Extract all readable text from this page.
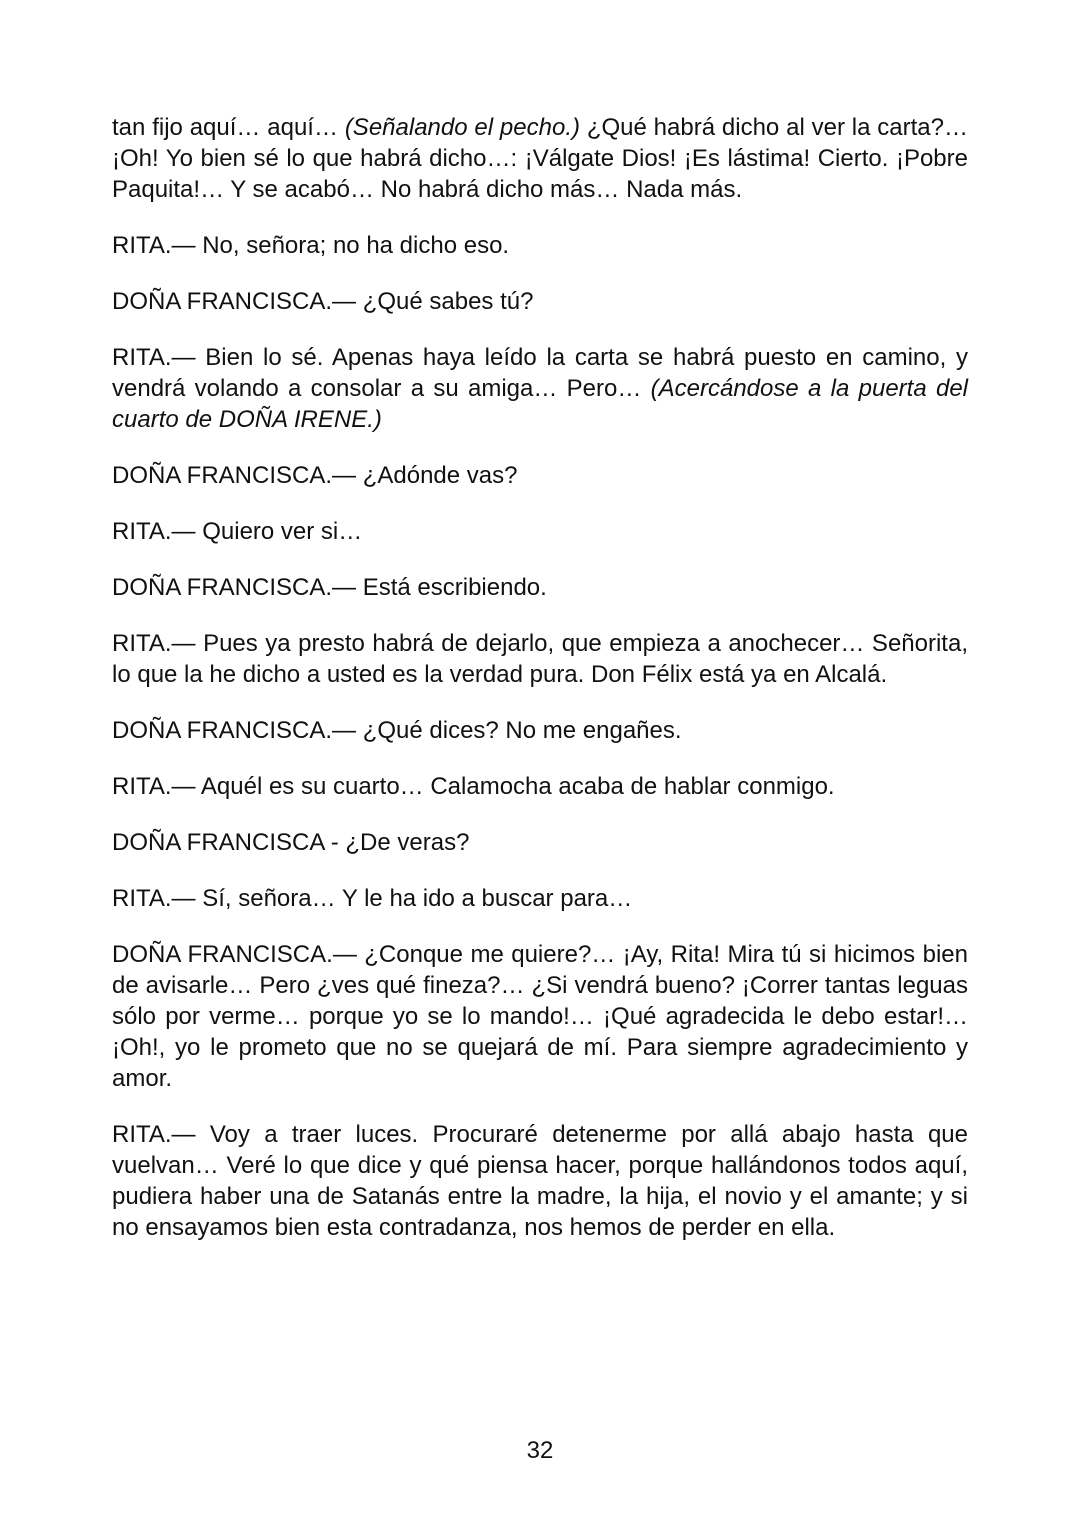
tan fijo aquí… aquí… (Señalando el pecho.) ¿Qué habrá dicho al ver la carta?… ¡Oh! Yo bien sé lo que habrá dicho…: ¡Válgate Dios! ¡Es lástima! Cierto. ¡Pobre Paquita!… Y se acabó… No habrá dicho más… Nada más.

RITA.— No, señora; no ha dicho eso.

DOÑA FRANCISCA.— ¿Qué sabes tú?

RITA.— Bien lo sé. Apenas haya leído la carta se habrá puesto en camino, y vendrá volando a consolar a su amiga… Pero… (Acercándose a la puerta del cuarto de DOÑA IRENE.)

DOÑA FRANCISCA.— ¿Adónde vas?

RITA.— Quiero ver si…

DOÑA FRANCISCA.— Está escribiendo.

RITA.— Pues ya presto habrá de dejarlo, que empieza a anochecer… Señorita, lo que la he dicho a usted es la verdad pura. Don Félix está ya en Alcalá.

DOÑA FRANCISCA.— ¿Qué dices? No me engañes.

RITA.— Aquél es su cuarto… Calamocha acaba de hablar conmigo.

DOÑA FRANCISCA - ¿De veras?

RITA.— Sí, señora… Y le ha ido a buscar para…

DOÑA FRANCISCA.— ¿Conque me quiere?… ¡Ay, Rita! Mira tú si hicimos bien de avisarle… Pero ¿ves qué fineza?… ¿Si vendrá bueno? ¡Correr tantas leguas sólo por verme… porque yo se lo mando!… ¡Qué agradecida le debo estar!… ¡Oh!, yo le prometo que no se quejará de mí. Para siempre agradecimiento y amor.

RITA.— Voy a traer luces. Procuraré detenerme por allá abajo hasta que vuelvan… Veré lo que dice y qué piensa hacer, porque hallándonos todos aquí, pudiera haber una de Satanás entre la madre, la hija, el novio y el amante; y si no ensayamos bien esta contradanza, nos hemos de perder en ella.

32
